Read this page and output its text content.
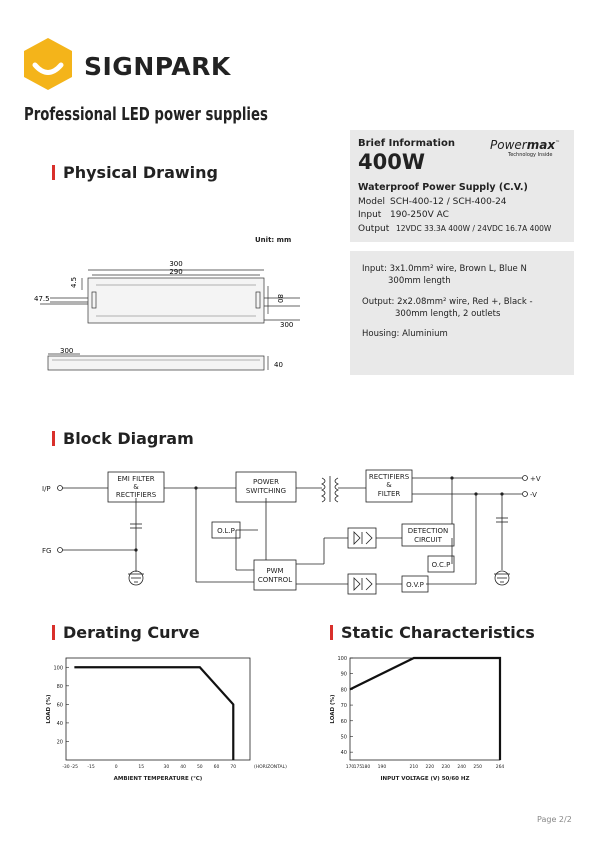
SIGNPARK
Professional LED power supplies
Physical Drawing
Unit: mm
300
290
4.5
47.5	80
300
300
40
Brief Information	Powermax™
Technology Inside
400W
Waterproof Power Supply (C.V.)
Model SCH-400-12 / SCH-400-24
Input 190-250V AC
Output 12VDC 33.3A 400W / 24VDC 16.7A 400W
Input: 3x1.0mm² wire, Brown L, Blue N
300mm length
Output: 2x2.08mm² wire, Red +, Black -
300mm length, 2 outlets
Housing: Aluminium
Block Diagram
I/P
FG
EMI FILTER
&
RECTIFIERS
POWER
SWITCHING
RECTIFIERS
&
FILTER
O.L.P
PWM
CONTROL
DETECTION
CIRCUIT
O.C.P
O.V.P
+V
-V
Derating Curve
20
40
60
80
100
-30 -25 -15	0	15	30 40 50 60 70
AMBIENT TEMPERATURE (℃)
(HORIZONTAL)
LOAD (%)
Static Characteristics
40
50
60
70
80
90
100
170 175 180 190	210 220 230 240 250	264
INPUT VOLTAGE (V) 50/60 HZ
LOAD (%)
Page 2/2
